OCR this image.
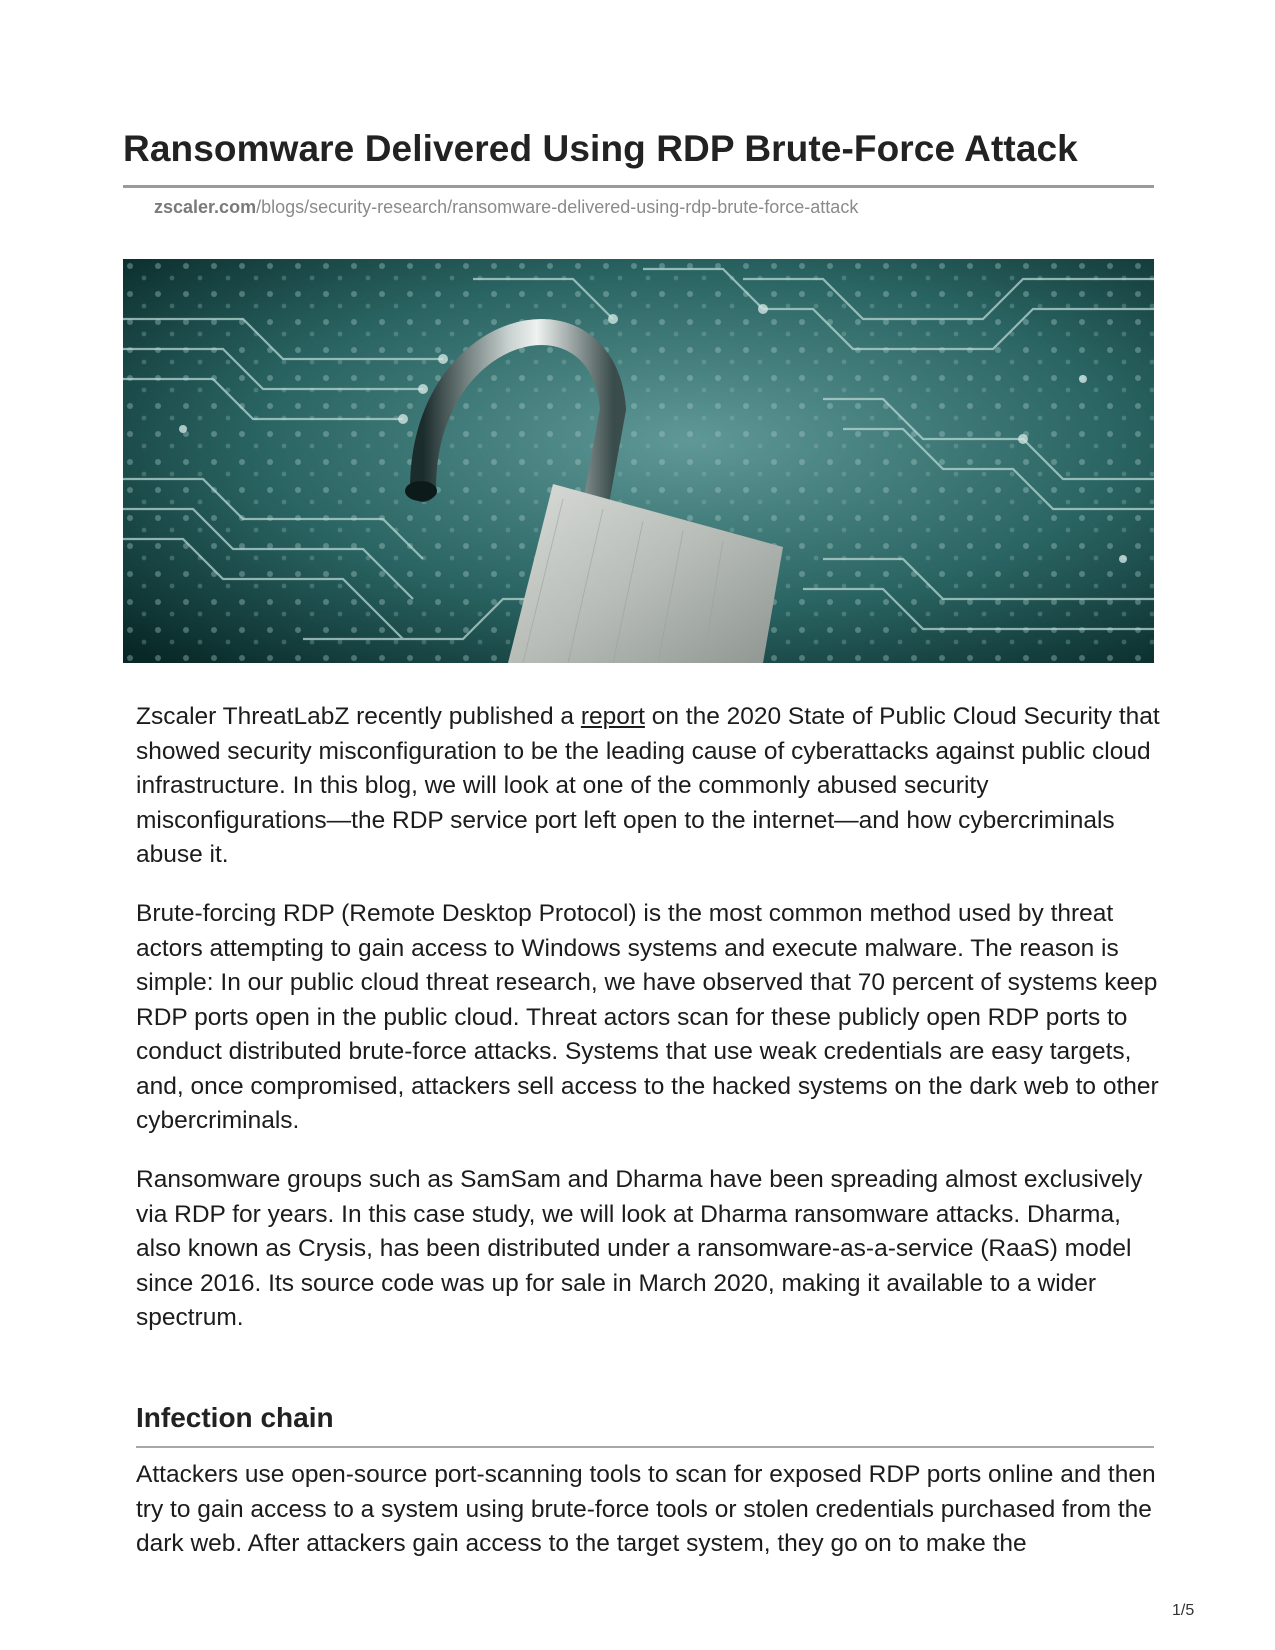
Ransomware Delivered Using RDP Brute-Force Attack
zscaler.com/blogs/security-research/ransomware-delivered-using-rdp-brute-force-attack

Zscaler ThreatLabZ recently published a report on the 2020 State of Public Cloud Security that showed security misconfiguration to be the leading cause of cyberattacks against public cloud infrastructure. In this blog, we will look at one of the commonly abused security misconfigurations—the RDP service port left open to the internet—and how cybercriminals abuse it.

Brute-forcing RDP (Remote Desktop Protocol) is the most common method used by threat actors attempting to gain access to Windows systems and execute malware. The reason is simple: In our public cloud threat research, we have observed that 70 percent of systems keep RDP ports open in the public cloud. Threat actors scan for these publicly open RDP ports to conduct distributed brute-force attacks. Systems that use weak credentials are easy targets, and, once compromised, attackers sell access to the hacked systems on the dark web to other cybercriminals.

Ransomware groups such as SamSam and Dharma have been spreading almost exclusively via RDP for years. In this case study, we will look at Dharma ransomware attacks. Dharma, also known as Crysis, has been distributed under a ransomware-as-a-service (RaaS) model since 2016. Its source code was up for sale in March 2020, making it available to a wider spectrum.

Infection chain

Attackers use open-source port-scanning tools to scan for exposed RDP ports online and then try to gain access to a system using brute-force tools or stolen credentials purchased from the dark web. After attackers gain access to the target system, they go on to make the

1/5
